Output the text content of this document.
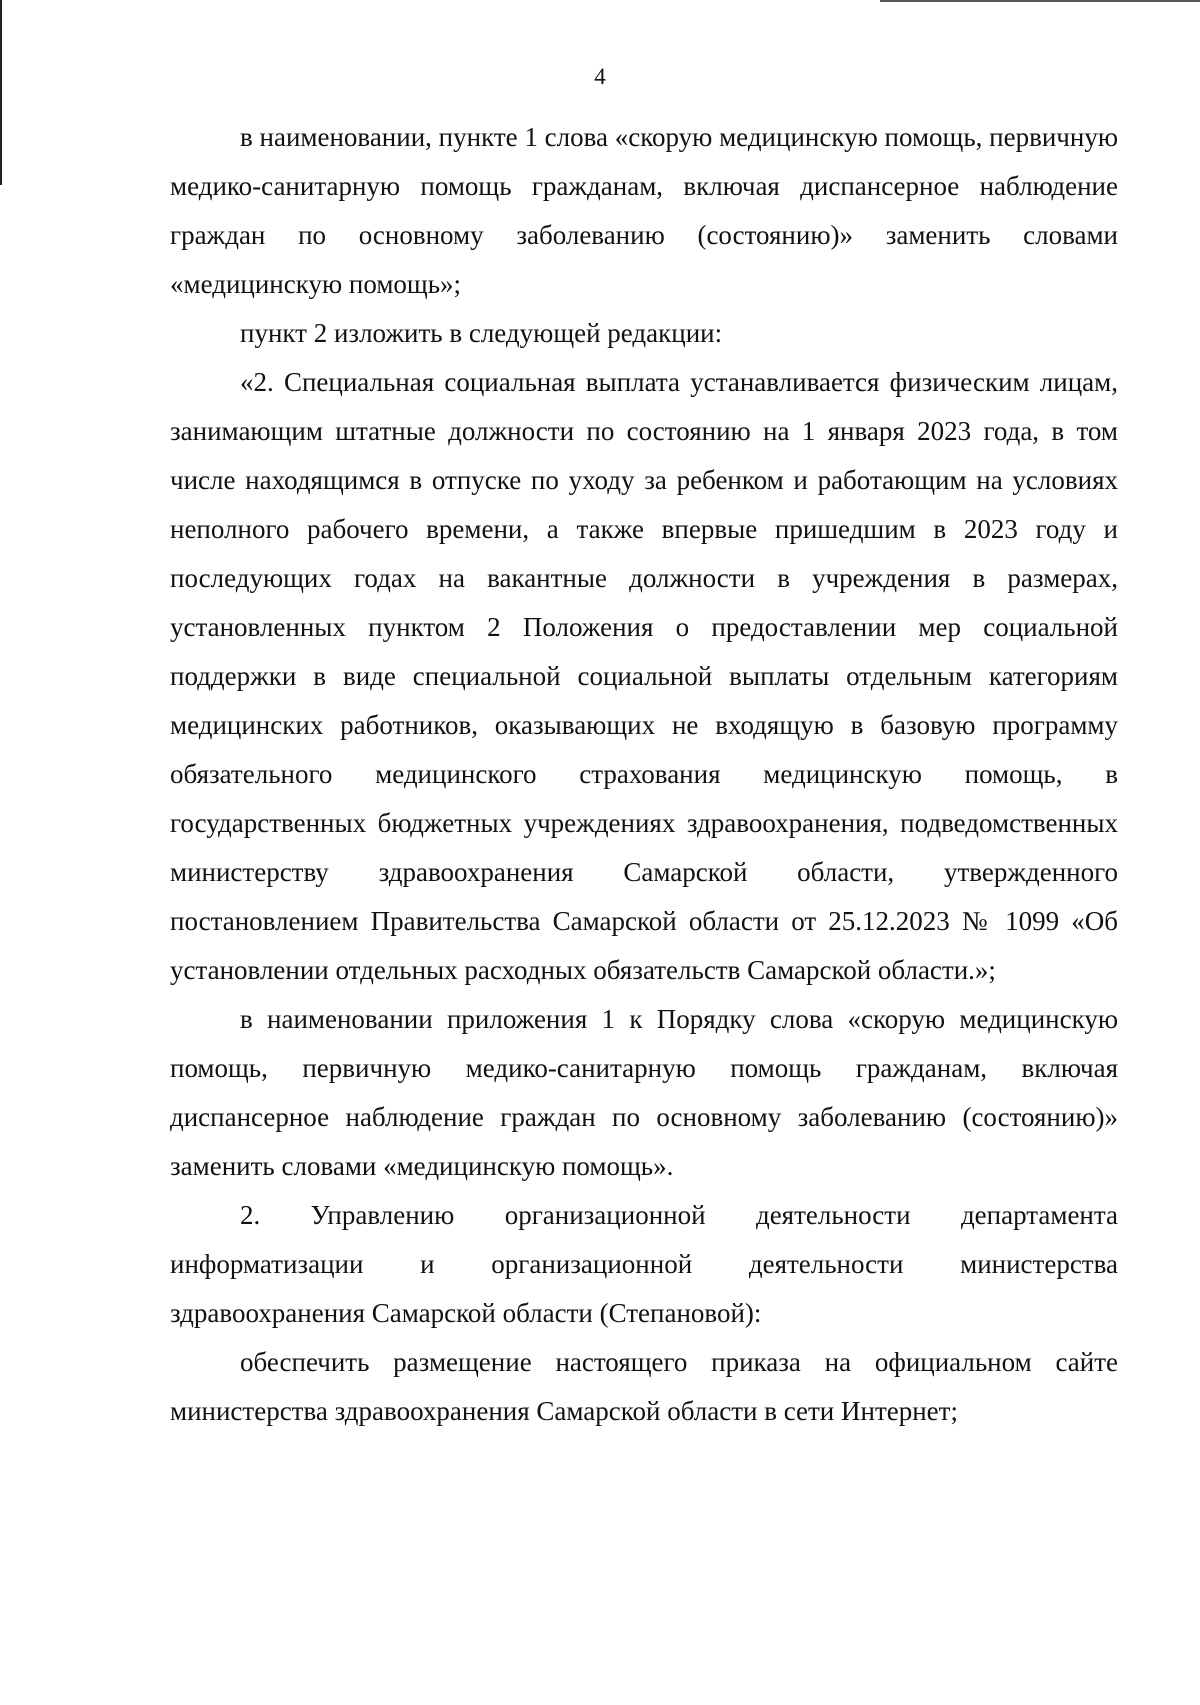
4

в наименовании, пункте 1 слова «скорую медицинскую помощь, первичную медико-санитарную помощь гражданам, включая диспансерное наблюдение граждан по основному заболеванию (состоянию)» заменить словами «медицинскую помощь»;

пункт 2 изложить в следующей редакции:

«2. Специальная социальная выплата устанавливается физическим лицам, занимающим штатные должности по состоянию на 1 января 2023 года, в том числе находящимся в отпуске по уходу за ребенком и работающим на условиях неполного рабочего времени, а также впервые пришедшим в 2023 году и последующих годах на вакантные должности в учреждения в размерах, установленных пунктом 2 Положения о предоставлении мер социальной поддержки в виде специальной социальной выплаты отдельным категориям медицинских работников, оказывающих не входящую в базовую программу обязательного медицинского страхования медицинскую помощь, в государственных бюджетных учреждениях здравоохранения, подведомственных министерству здравоохранения Самарской области, утвержденного постановлением Правительства Самарской области от 25.12.2023 № 1099 «Об установлении отдельных расходных обязательств Самарской области.»;

в наименовании приложения 1 к Порядку слова «скорую медицинскую помощь, первичную медико-санитарную помощь гражданам, включая диспансерное наблюдение граждан по основному заболеванию (состоянию)» заменить словами «медицинскую помощь».

2. Управлению организационной деятельности департамента информатизации и организационной деятельности министерства здравоохранения Самарской области (Степановой):

обеспечить размещение настоящего приказа на официальном сайте министерства здравоохранения Самарской области в сети Интернет;
